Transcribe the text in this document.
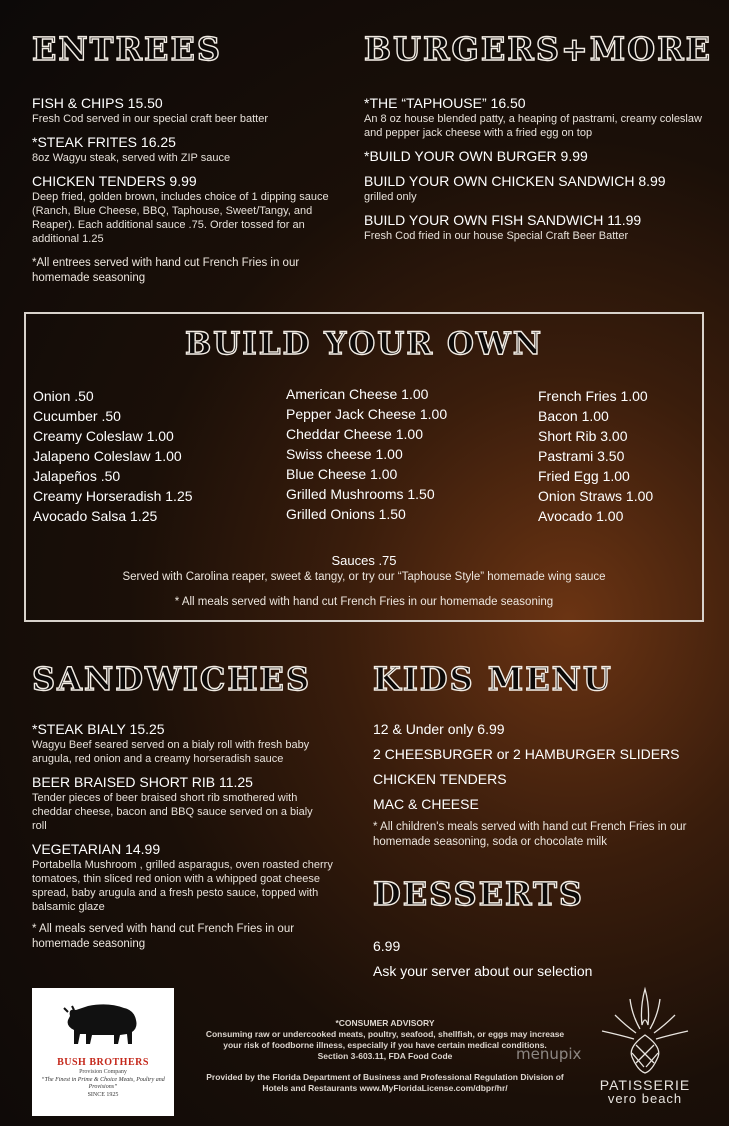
ENTREES

FISH & CHIPS 15.50

Fresh Cod served in our special craft beer batter

*STEAK FRITES 16.25

8oz Wagyu steak, served with ZIP sauce

CHICKEN TENDERS 9.99

Deep fried, golden brown, includes choice of 1 dipping sauce (Ranch, Blue Cheese, BBQ, Taphouse, Sweet/Tangy, and Reaper). Each additional sauce .75. Order tossed for an additional 1.25

*All entrees served with hand cut French Fries in our homemade seasoning

BURGERS+MORE

*THE “TAPHOUSE” 16.50

An 8 oz house blended patty, a heaping of pastrami, creamy coleslaw and pepper jack cheese with a fried egg on top

*BUILD YOUR OWN BURGER 9.99

BUILD YOUR OWN CHICKEN SANDWICH 8.99

grilled only

BUILD YOUR OWN FISH SANDWICH 11.99

Fresh Cod fried in our house Special Craft Beer Batter

BUILD YOUR OWN
Onion .50
Cucumber .50
Creamy Coleslaw 1.00
Jalapeno Coleslaw 1.00
Jalapeños .50
Creamy Horseradish 1.25
Avocado Salsa 1.25
American Cheese 1.00
Pepper Jack Cheese 1.00
Cheddar Cheese 1.00
Swiss cheese 1.00
Blue Cheese 1.00
Grilled Mushrooms 1.50
Grilled Onions 1.50
French Fries 1.00
Bacon 1.00
Short Rib 3.00
Pastrami 3.50
Fried Egg 1.00
Onion Straws 1.00
Avocado 1.00

Sauces .75

Served with Carolina reaper, sweet & tangy, or try our “Taphouse Style” homemade wing sauce

* All meals served with hand cut French Fries in our homemade seasoning

SANDWICHES

*STEAK BIALY 15.25

Wagyu Beef seared served on a bialy roll with fresh baby arugula, red onion and a creamy horseradish sauce

BEER BRAISED SHORT RIB 11.25

Tender pieces of beer braised short rib smothered with cheddar cheese, bacon and BBQ sauce served on a bialy roll

VEGETARIAN 14.99

Portabella Mushroom , grilled asparagus, oven roasted cherry tomatoes, thin sliced red onion with a whipped goat cheese spread, baby arugula and a fresh pesto sauce, topped with balsamic glaze

* All meals served with hand cut French Fries in our homemade seasoning

KIDS MENU

12 & Under only 6.99

2 CHEESBURGER or 2 HAMBURGER SLIDERS

CHICKEN TENDERS

MAC & CHEESE

* All children's meals served with hand cut French Fries in our homemade seasoning, soda or chocolate milk

DESSERTS

6.99

Ask your server about our selection

BUSH BROTHERS
Provision Company
“The Finest in Prime & Choice Meats, Poultry and Provisions”
SINCE 1925

*CONSUMER ADVISORY

Consuming raw or undercooked meats, poultry, seafood, shellfish, or eggs may increase

your risk of foodborne illness, especially if you have certain medical conditions.

Section 3-603.11, FDA Food Code

Provided by the Florida Department of Business and Professional Regulation Division of

Hotels and Restaurants www.MyFloridaLicense.com/dbpr/hr/

menupix
PATISSERIE
vero beach
